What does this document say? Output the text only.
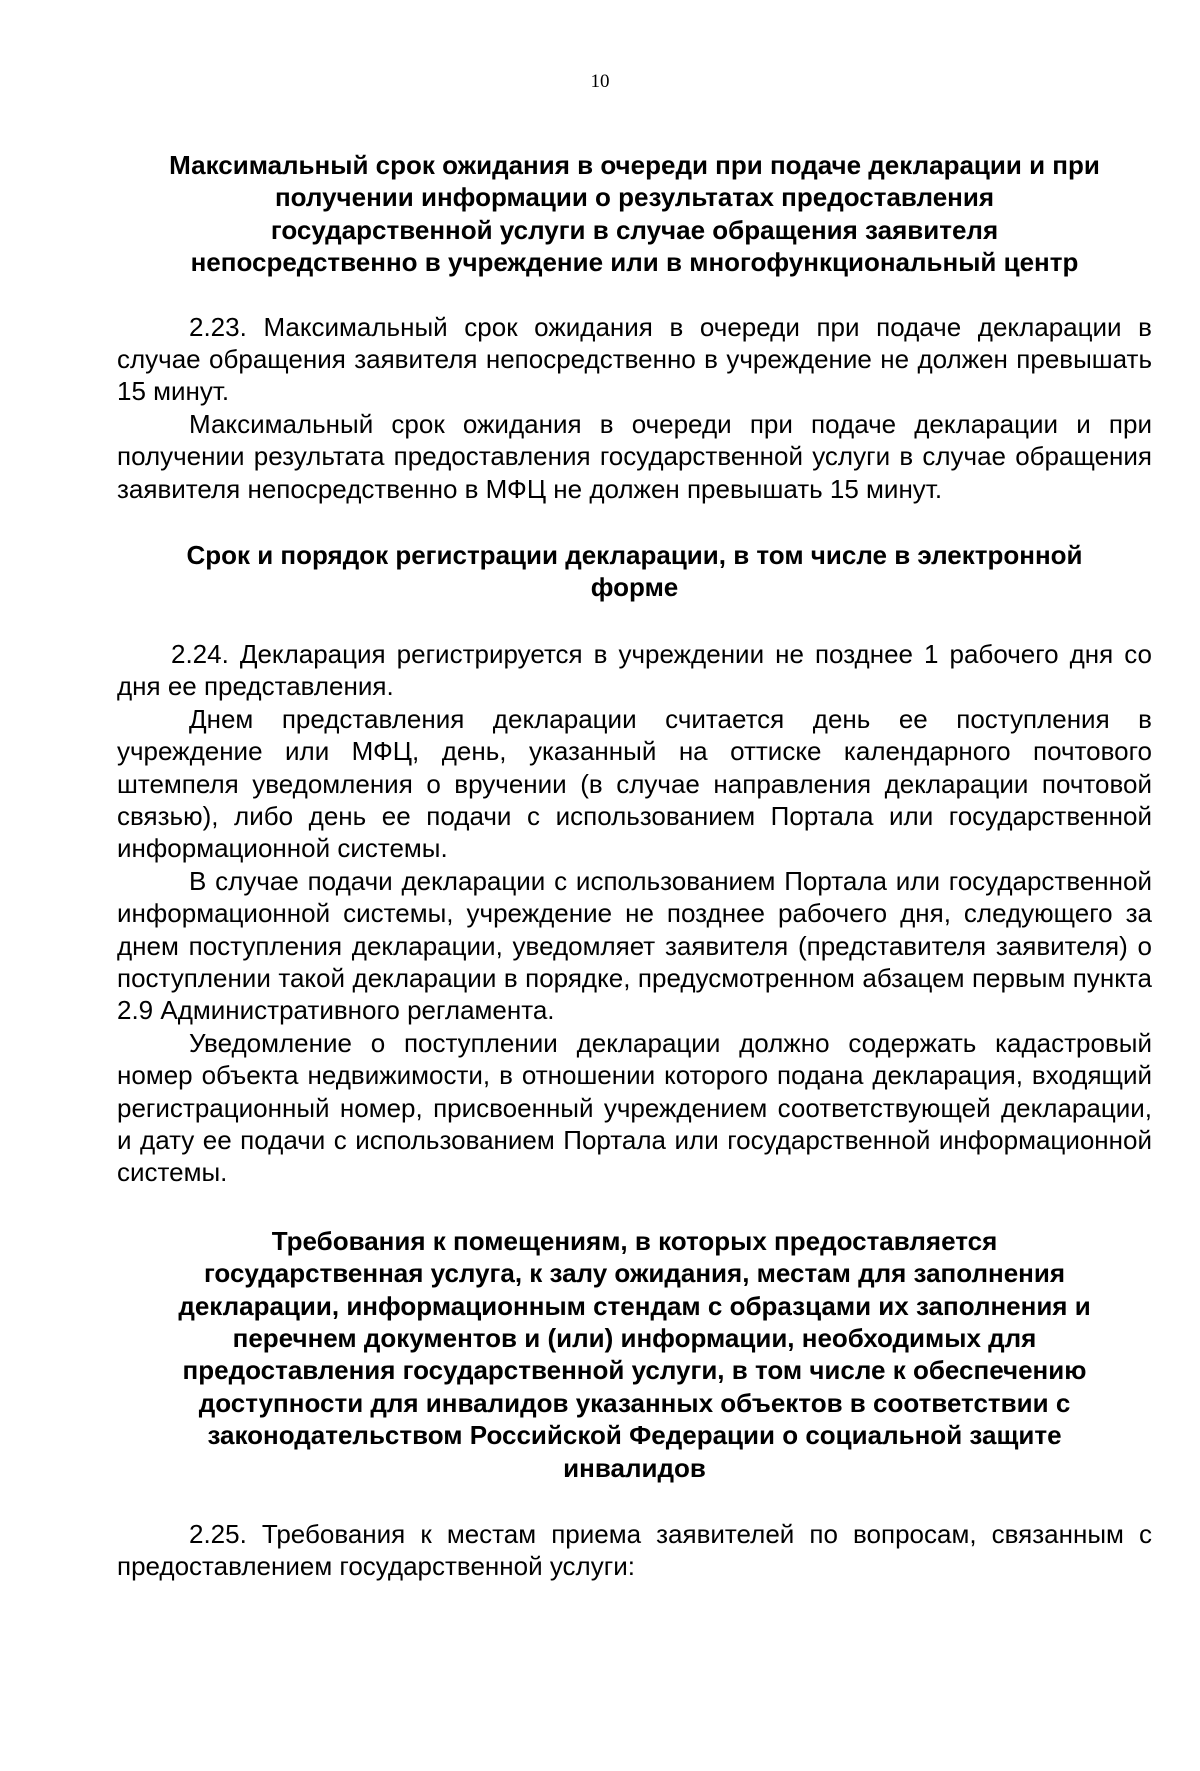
10
Максимальный срок ожидания в очереди при подаче декларации и при
получении информации о результатах предоставления
государственной услуги в случае обращения заявителя
непосредственно в учреждение или в многофункциональный центр

2.23. Максимальный срок ожидания в очереди при подаче декларации в случае обращения заявителя непосредственно в учреждение не должен превышать 15 минут.

Максимальный срок ожидания в очереди при подаче декларации и при получении результата предоставления государственной услуги в случае обращения заявителя непосредственно в МФЦ не должен превышать 15 минут.

Срок и порядок регистрации декларации, в том числе в электронной
форме

2.24. Декларация регистрируется в учреждении не позднее 1 рабочего дня со дня ее представления.

Днем представления декларации считается день ее поступления в учреждение или МФЦ, день, указанный на оттиске календарного почтового штемпеля уведомления о вручении (в случае направления декларации почтовой связью), либо день ее подачи с использованием Портала или государственной информационной системы.

В случае подачи декларации с использованием Портала или государственной информационной системы, учреждение не позднее рабочего дня, следующего за днем поступления декларации, уведомляет заявителя (представителя заявителя) о поступлении такой декларации в порядке, предусмотренном абзацем первым пункта 2.9 Административного регламента.

Уведомление о поступлении декларации должно содержать кадастровый номер объекта недвижимости, в отношении которого подана декларация, входящий регистрационный номер, присвоенный учреждением соответствующей декларации, и дату ее подачи с использованием Портала или государственной информационной системы.

Требования к помещениям, в которых предоставляется
государственная услуга, к залу ожидания, местам для заполнения
декларации, информационным стендам с образцами их заполнения и
перечнем документов и (или) информации, необходимых для
предоставления государственной услуги, в том числе к обеспечению
доступности для инвалидов указанных объектов в соответствии с
законодательством Российской Федерации о социальной защите
инвалидов

2.25. Требования к местам приема заявителей по вопросам, связанным с предоставлением государственной услуги:
